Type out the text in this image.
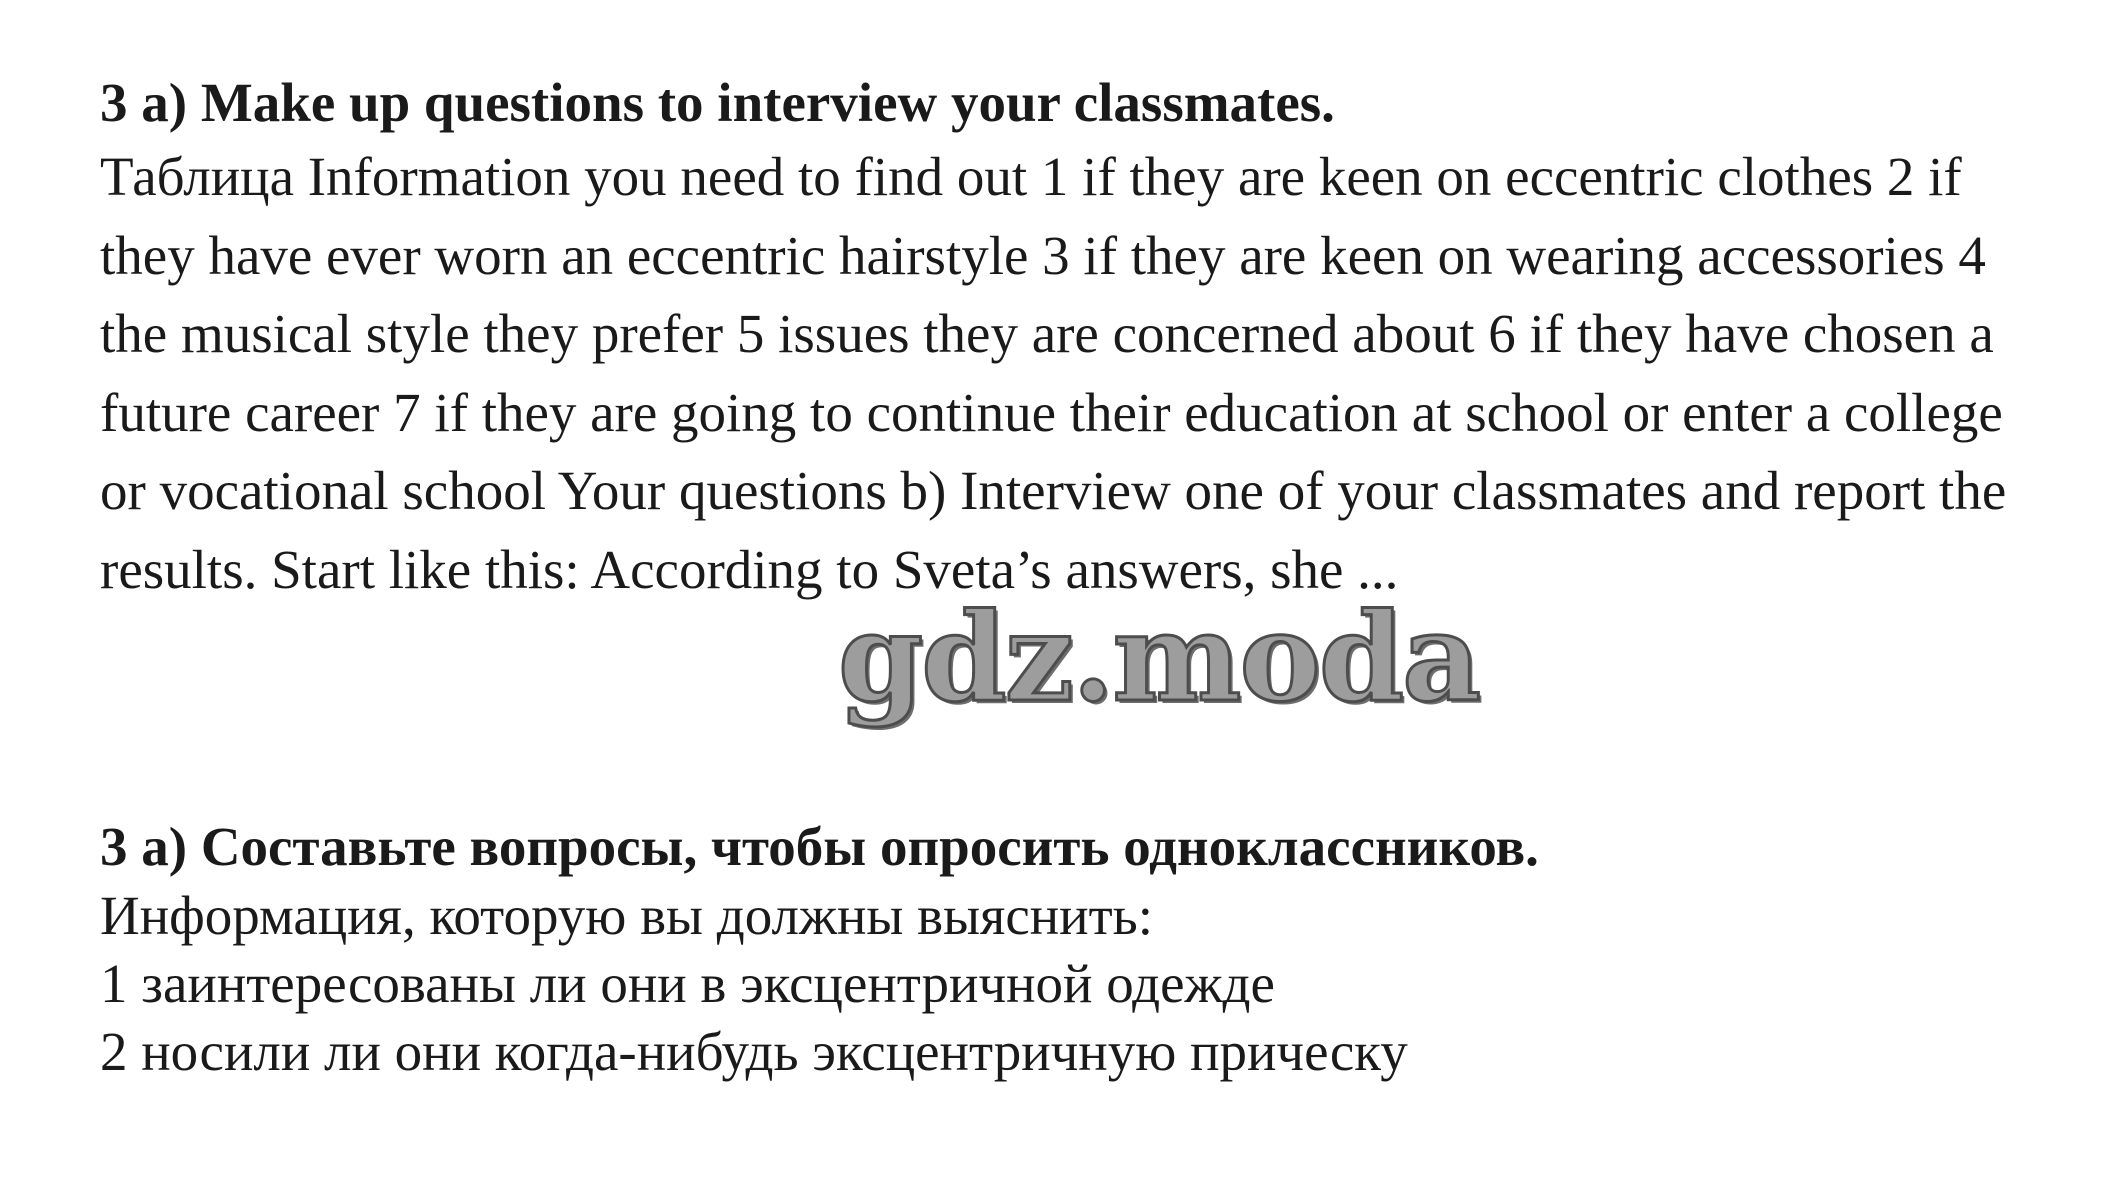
3 a) Make up questions to interview your classmates.

Таблица Information you need to find out 1 if they are keen on eccentric clothes 2 if they have ever worn an eccentric hairstyle 3 if they are keen on wearing accessories 4 the musical style they prefer 5 issues they are concerned about 6 if they have chosen a future career 7 if they are going to continue their education at school or enter a college or vocational school Your questions b) Interview one of your classmates and report the results. Start like this: According to Sveta’s answers, she ...

gdz.moda

3 а) Составьте вопросы, чтобы опросить одноклассников.

Информация, которую вы должны выяснить:

1 заинтересованы ли они в эксцентричной одежде

2 носили ли они когда-нибудь эксцентричную прическу
